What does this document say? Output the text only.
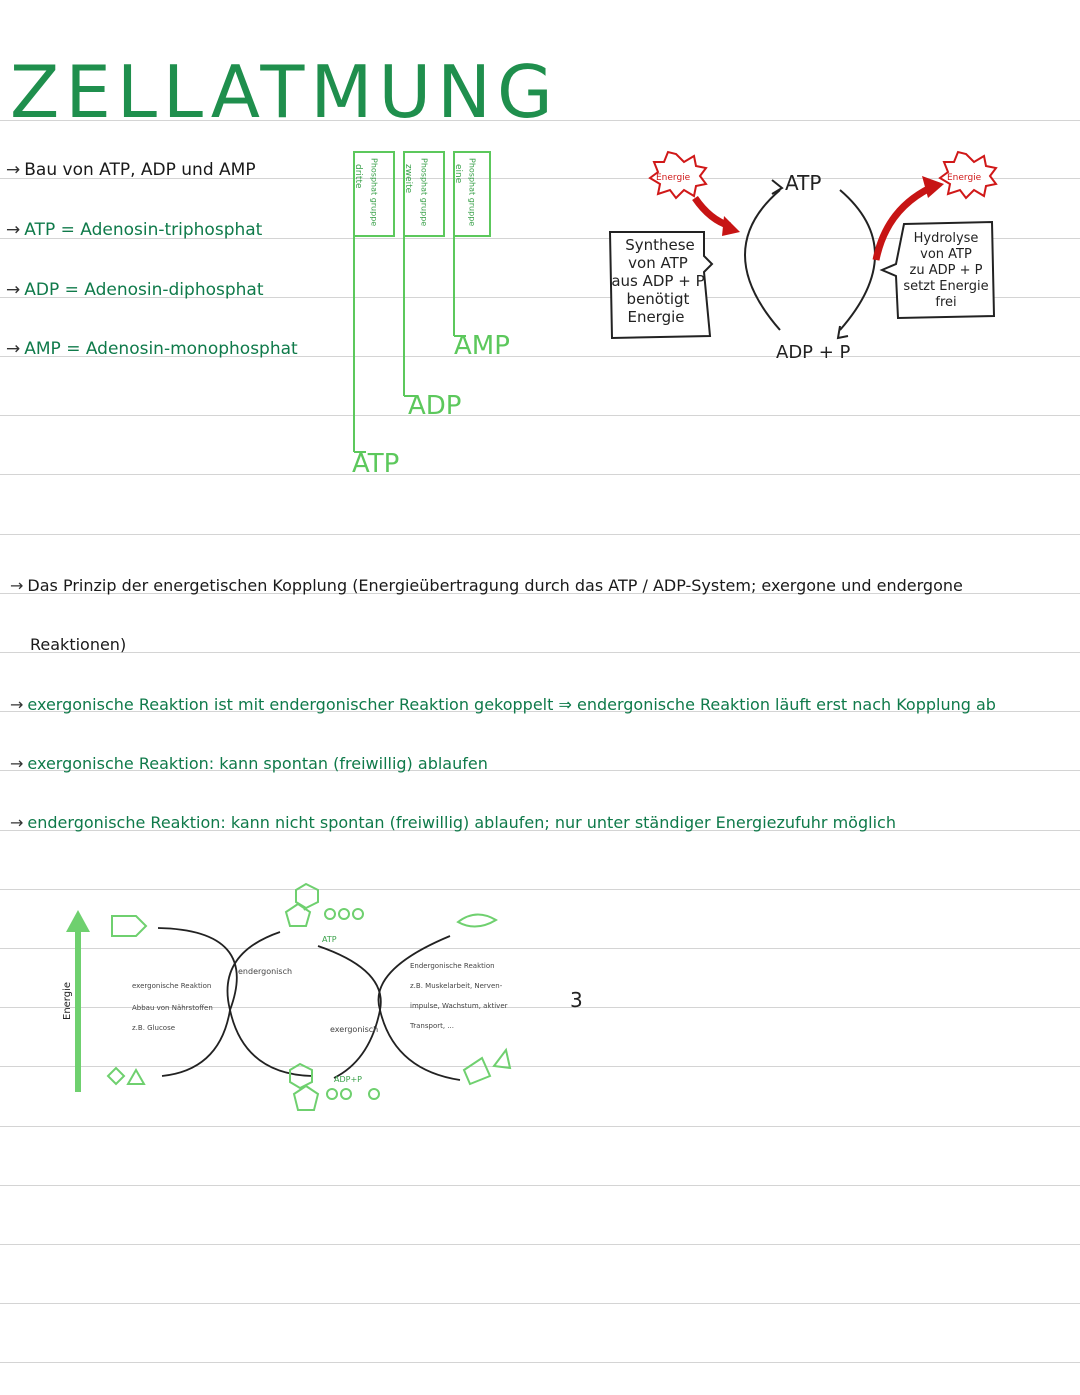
ZELLATMUNG
→ Bau von ATP, ADP und AMP
→ ATP = Adenosin-triphosphat
→ ADP = Adenosin-diphosphat
→ AMP = Adenosin-monophosphat
dritte	zweite	eine
Phosphat gruppe	Phosphat gruppe	Phosphat gruppe
ATP
ADP
AMP
ATP
ADP + P
Energie	Energie
Synthese
von ATP
aus ADP + P
benötigt
Energie
Hydrolyse
von ATP
zu ADP + P
setzt Energie
frei
→ Das Prinzip der energetischen Kopplung (Energieübertragung durch das ATP / ADP-System; exergone und endergone
Reaktionen)
→ exergonische Reaktion ist mit endergonischer Reaktion gekoppelt ⇒ endergonische Reaktion läuft erst nach Kopplung ab
→ exergonische Reaktion: kann spontan (freiwillig) ablaufen
→ endergonische Reaktion: kann nicht spontan (freiwillig) ablaufen; nur unter ständiger Energiezufuhr möglich
Energie
ATP
ADP+P
exergonische Reaktion
Abbau von Nährstoffen
z.B. Glucose
endergonisch
exergonisch
Endergonische Reaktion
z.B. Muskelarbeit, Nerven-
impulse, Wachstum, aktiver
Transport, ...
3
